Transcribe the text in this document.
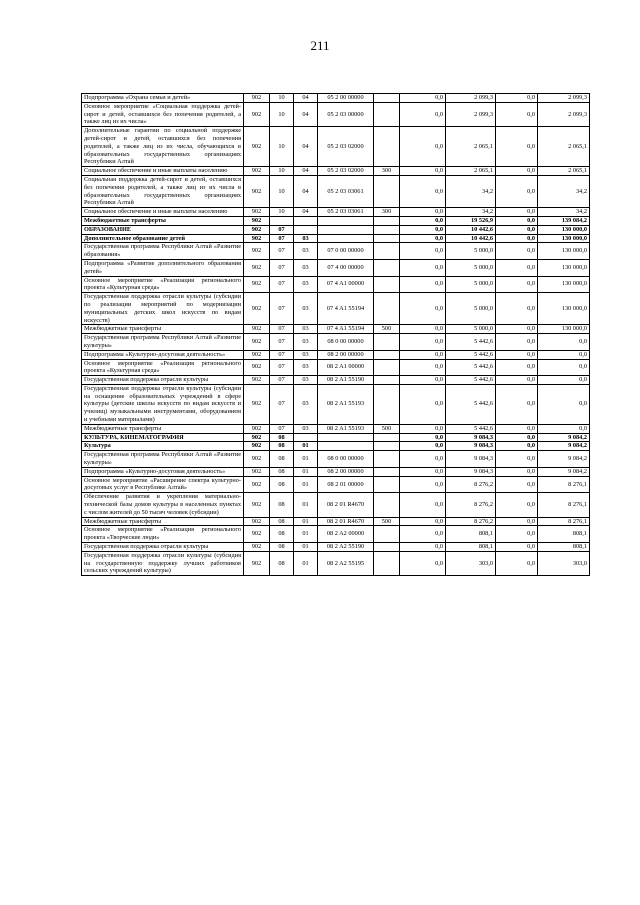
211
Подпрограмма «Охрана семьи и детей»	902	10	04	05 2 00 00000		0,0	2 099,3	0,0	2 099,3
Основное мероприятие «Социальная поддержка детей-сирот и детей, оставшихся без попечения родителей, а также лиц из их числа»	902	10	04	05 2 03 00000		0,0	2 099,3	0,0	2 099,3
Дополнительные гарантии по социальной поддержке детей-сирот и детей, оставшихся без попечения родителей, а также лиц из их числа, обучающихся в образовательных государственных организациях Республики Алтай	902	10	04	05 2 03 02000		0,0	2 065,1	0,0	2 065,1
Социальное обеспечение и иные выплаты населению	902	10	04	05 2 03 02000	300	0,0	2 065,1	0,0	2 065,1
Социальная поддержка детей-сирот и детей, оставшихся без попечения родителей, а также лиц из их числа в образовательных государственных организациях Республики Алтай	902	10	04	05 2 03 03061		0,0	34,2	0,0	34,2
Социальное обеспечение и иные выплаты населению	902	10	04	05 2 03 03061	300	0,0	34,2	0,0	34,2
Межбюджетные трансферты	902					0,0	19 526,9	0,0	139 084,2
ОБРАЗОВАНИЕ	902	07				0,0	10 442,6	0,0	130 000,0
Дополнительное образование детей	902	07	03			0,0	10 442,6	0,0	130 000,0
Государственная программа Республики Алтай «Развитие образования»	902	07	03	07 0 00 00000		0,0	5 000,0	0,0	130 000,0
Подпрограмма «Развитие дополнительного образования детей»	902	07	03	07 4 00 00000		0,0	5 000,0	0,0	130 000,0
Основное мероприятие «Реализация регионального проекта «Культурная среда»	902	07	03	07 4 A1 00000		0,0	5 000,0	0,0	130 000,0
Государственная поддержка отрасли культуры (субсидии по реализации мероприятий по модернизации муниципальных детских школ искусств по видам искусств)	902	07	03	07 4 A1 55194		0,0	5 000,0	0,0	130 000,0
Межбюджетные трансферты	902	07	03	07 4 A1 55194	500	0,0	5 000,0	0,0	130 000,0
Государственная программа Республики Алтай «Развитие культуры»	902	07	03	08 0 00 00000		0,0	5 442,6	0,0	0,0
Подпрограмма «Культурно-досуговая деятельность»	902	07	03	08 2 00 00000		0,0	5 442,6	0,0	0,0
Основное мероприятие «Реализация регионального проекта «Культурная среда»	902	07	03	08 2 A1 00000		0,0	5 442,6	0,0	0,0
Государственная поддержка отрасли культуры	902	07	03	08 2 A1 55190		0,0	5 442,6	0,0	0,0
Государственная поддержка отрасли культуры (субсидии на оснащение образовательных учреждений в сфере культуры (детские школы искусств по видам искусств и училищ) музыкальными инструментами, оборудованием и учебными материалами)	902	07	03	08 2 A1 55193		0,0	5 442,6	0,0	0,0
Межбюджетные трансферты	902	07	03	08 2 A1 55193	500	0,0	5 442,6	0,0	0,0
КУЛЬТУРА, КИНЕМАТОГРАФИЯ	902	08				0,0	9 084,3	0,0	9 084,2
Культура	902	08	01			0,0	9 084,3	0,0	9 084,2
Государственная программа Республики Алтай «Развитие культуры»	902	08	01	08 0 00 00000		0,0	9 084,3	0,0	9 084,2
Подпрограмма «Культурно-досуговая деятельность»	902	08	01	08 2 00 00000		0,0	9 084,3	0,0	9 084,2
Основное мероприятие «Расширение спектра культурно-досуговых услуг в Республике Алтай»	902	08	01	08 2 01 00000		0,0	8 276,2	0,0	8 276,1
Обеспечение развития и укрепления материально-технической базы домов культуры в населенных пунктах с числом жителей до 50 тысяч человек (субсидии)	902	08	01	08 2 01 R4670		0,0	8 276,2	0,0	8 276,1
Межбюджетные трансферты	902	08	01	08 2 01 R4670	500	0,0	8 276,2	0,0	8 276,1
Основное мероприятие «Реализация регионального проекта «Творческие люди»	902	08	01	08 2 A2 00000		0,0	808,1	0,0	808,1
Государственная поддержка отрасли культуры	902	08	01	08 2 A2 55190		0,0	808,1	0,0	808,1
Государственная поддержка отрасли культуры (субсидия на государственную поддержку лучших работников сельских учреждений культуры)	902	08	01	08 2 A2 55195		0,0	303,0	0,0	303,0
